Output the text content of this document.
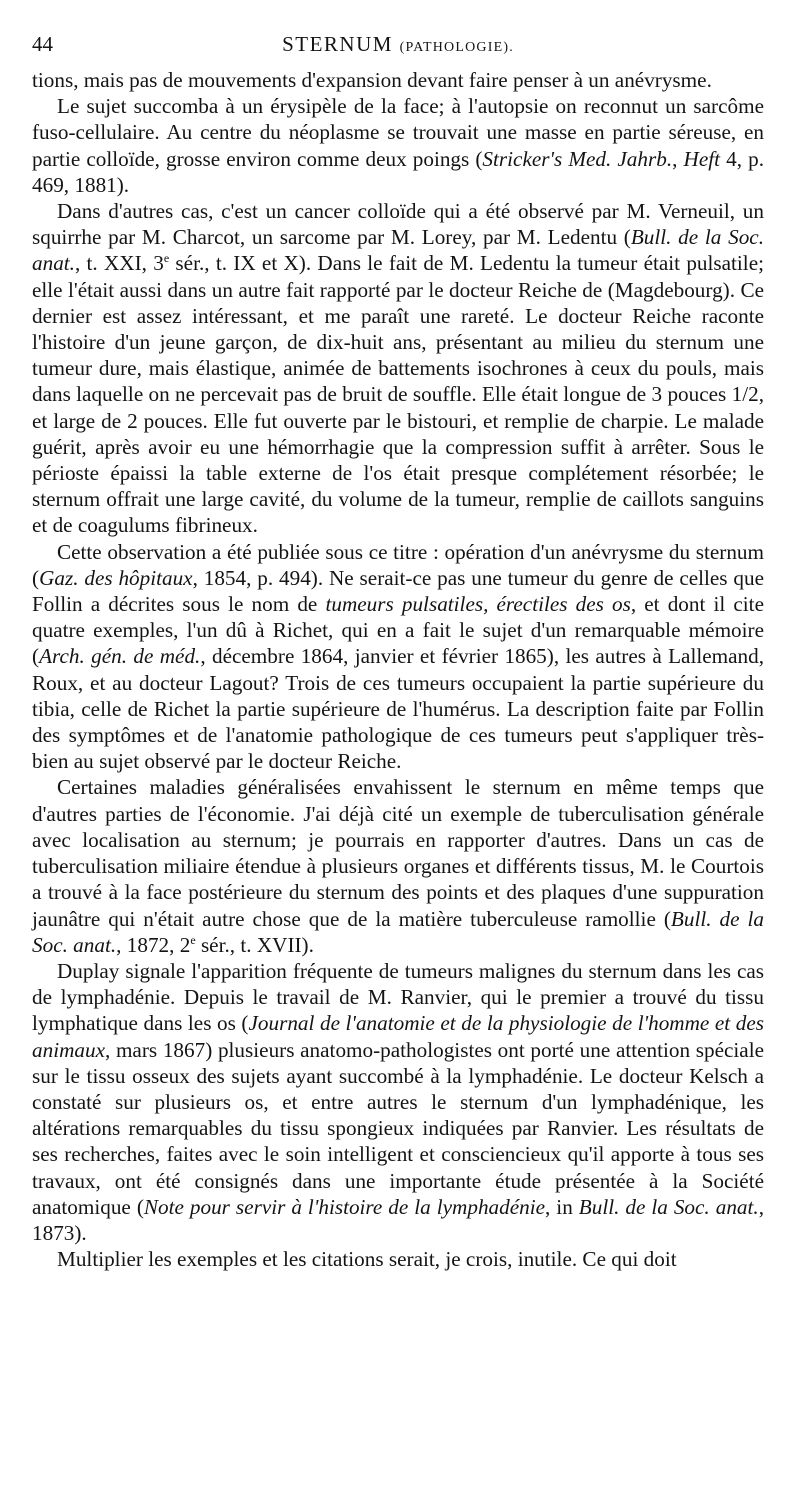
44	STERNUM (PATHOLOGIE).

tions, mais pas de mouvements d'expansion devant faire penser à un anévrysme.

Le sujet succomba à un érysipèle de la face; à l'autopsie on reconnut un sarcôme fuso-cellulaire. Au centre du néoplasme se trouvait une masse en partie séreuse, en partie colloïde, grosse environ comme deux poings (Stricker's Med. Jahrb., Heft 4, p. 469, 1881).

Dans d'autres cas, c'est un cancer colloïde qui a été observé par M. Verneuil, un squirrhe par M. Charcot, un sarcome par M. Lorey, par M. Ledentu (Bull. de la Soc. anat., t. XXI, 3e sér., t. IX et X). Dans le fait de M. Ledentu la tumeur était pulsatile; elle l'était aussi dans un autre fait rapporté par le docteur Reiche de (Magdebourg). Ce dernier est assez intéressant, et me paraît une rareté. Le docteur Reiche raconte l'histoire d'un jeune garçon, de dix-huit ans, présentant au milieu du sternum une tumeur dure, mais élastique, animée de battements isochrones à ceux du pouls, mais dans laquelle on ne percevait pas de bruit de souffle. Elle était longue de 3 pouces 1/2, et large de 2 pouces. Elle fut ouverte par le bistouri, et remplie de charpie. Le malade guérit, après avoir eu une hémorrhagie que la compression suffit à arrêter. Sous le périoste épaissi la table externe de l'os était presque complétement résorbée; le sternum offrait une large cavité, du volume de la tumeur, remplie de caillots sanguins et de coagulums fibrineux.

Cette observation a été publiée sous ce titre : opération d'un anévrysme du sternum (Gaz. des hôpitaux, 1854, p. 494). Ne serait-ce pas une tumeur du genre de celles que Follin a décrites sous le nom de tumeurs pulsatiles, érectiles des os, et dont il cite quatre exemples, l'un dû à Richet, qui en a fait le sujet d'un remarquable mémoire (Arch. gén. de méd., décembre 1864, janvier et février 1865), les autres à Lallemand, Roux, et au docteur Lagout? Trois de ces tumeurs occupaient la partie supérieure du tibia, celle de Richet la partie supérieure de l'humérus. La description faite par Follin des symptômes et de l'anatomie pathologique de ces tumeurs peut s'appliquer très-bien au sujet observé par le docteur Reiche.

Certaines maladies généralisées envahissent le sternum en même temps que d'autres parties de l'économie. J'ai déjà cité un exemple de tuberculisation générale avec localisation au sternum; je pourrais en rapporter d'autres. Dans un cas de tuberculisation miliaire étendue à plusieurs organes et différents tissus, M. le Courtois a trouvé à la face postérieure du sternum des points et des plaques d'une suppuration jaunâtre qui n'était autre chose que de la matière tuberculeuse ramollie (Bull. de la Soc. anat., 1872, 2e sér., t. XVII).

Duplay signale l'apparition fréquente de tumeurs malignes du sternum dans les cas de lymphadénie. Depuis le travail de M. Ranvier, qui le premier a trouvé du tissu lymphatique dans les os (Journal de l'anatomie et de la physiologie de l'homme et des animaux, mars 1867) plusieurs anatomo-pathologistes ont porté une attention spéciale sur le tissu osseux des sujets ayant succombé à la lymphadénie. Le docteur Kelsch a constaté sur plusieurs os, et entre autres le sternum d'un lymphadénique, les altérations remarquables du tissu spongieux indiquées par Ranvier. Les résultats de ses recherches, faites avec le soin intelligent et consciencieux qu'il apporte à tous ses travaux, ont été consignés dans une importante étude présentée à la Société anatomique (Note pour servir à l'histoire de la lymphadénie, in Bull. de la Soc. anat., 1873).

Multiplier les exemples et les citations serait, je crois, inutile. Ce qui doit
